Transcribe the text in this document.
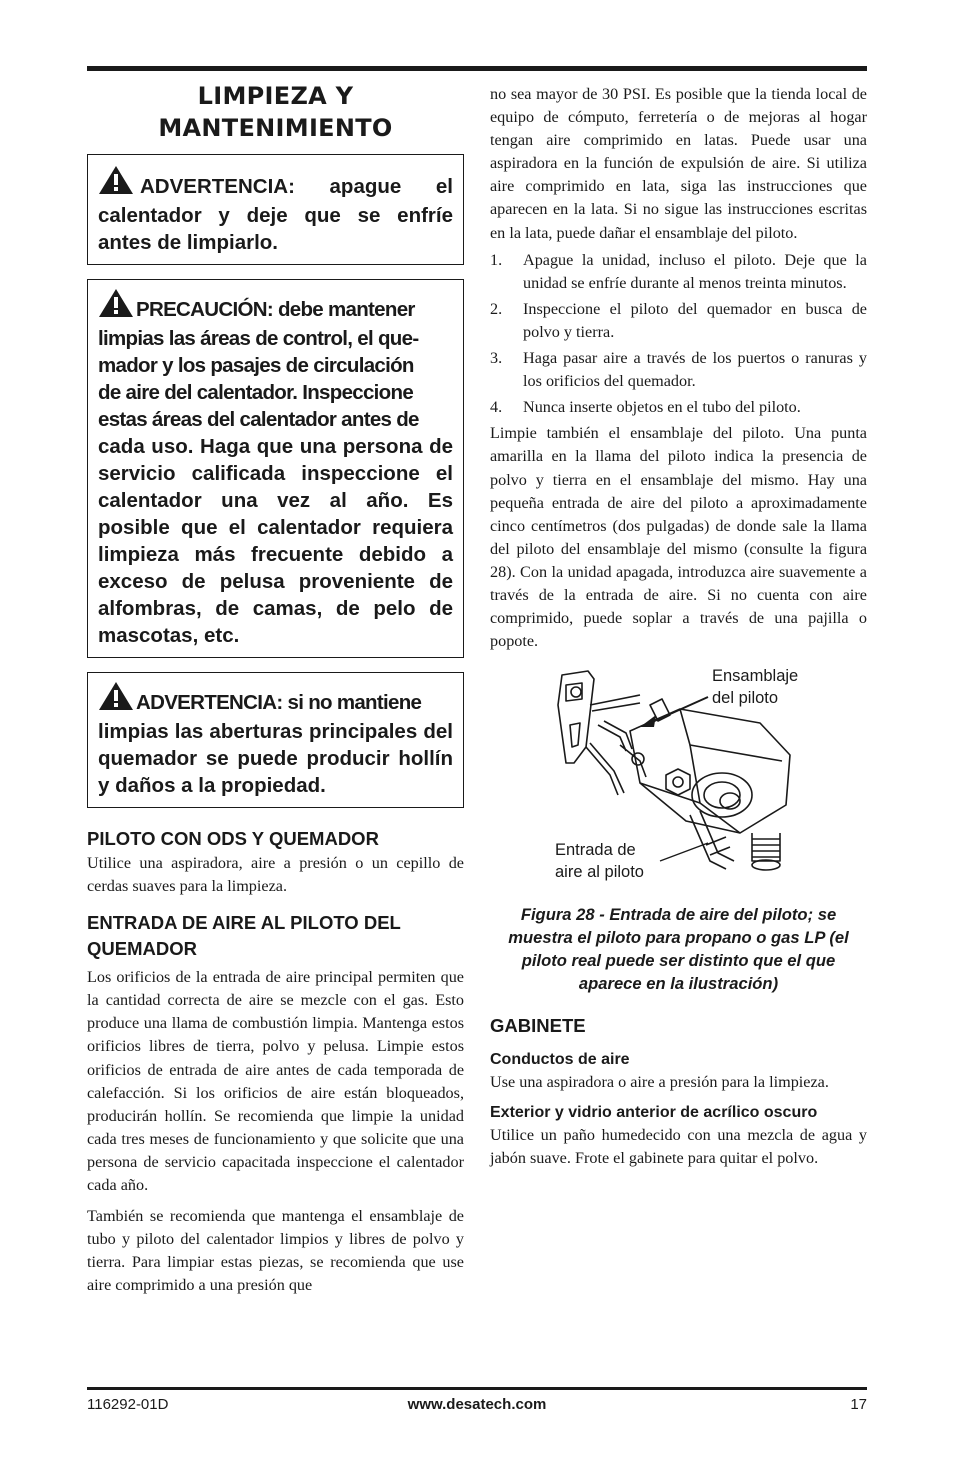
LIMPIEZA Y
MANTENIMIENTO
ADVERTENCIA: apague el calentador y deje que se enfríe antes de limpiarlo.
PRECAUCIÓN: debe mantener
limpias las áreas de control, el que-
mador y los pasajes de circulación
de aire del calentador. Inspeccione
estas áreas del calentador antes de
cada uso. Haga que una persona de servicio calificada inspeccione el calentador una vez al año. Es posible que el calentador requiera limpieza más frecuente debido a exceso de pelusa proveniente de alfombras, de camas, de pelo de mascotas, etc.
ADVERTENCIA: si no mantiene
limpias las aberturas principales del quemador se puede producir hollín y daños a la propiedad.
PILOTO CON ODS Y QUEMADOR

Utilice una aspiradora, aire a presión o un cepillo de cerdas suaves para la limpieza.

ENTRADA DE AIRE AL PILOTO DEL QUEMADOR

Los orificios de la entrada de aire principal permiten que la cantidad correcta de aire se mezcle con el gas. Esto produce una llama de combustión limpia. Mantenga estos orificios libres de tierra, polvo y pelusa. Limpie estos orificios de entrada de aire antes de cada temporada de calefacción. Si los orificios de aire están bloqueados, producirán hollín. Se recomienda que limpie la unidad cada tres meses de funcionamiento y que solicite que una persona de servicio capacitada inspeccione el calentador cada año.

También se recomienda que mantenga el ensamblaje de tubo y piloto del calentador limpios y libres de polvo y tierra. Para limpiar estas piezas, se recomienda que use aire comprimido a una presión que

no sea mayor de 30 PSI. Es posible que la tienda local de equipo de cómputo, ferretería o de mejoras al hogar tengan aire comprimido en latas. Puede usar una aspiradora en la función de expulsión de aire. Si utiliza aire comprimido en lata, siga las instrucciones que aparecen en la lata. Si no sigue las instrucciones escritas en la lata, puede dañar el ensamblaje del piloto.

1. Apague la unidad, incluso el piloto. Deje que la unidad se enfríe durante al menos treinta minutos.
2. Inspeccione el piloto del quemador en busca de polvo y tierra.
3. Haga pasar aire a través de los puertos o ranuras y los orificios del quemador.
4. Nunca inserte objetos en el tubo del piloto.

Limpie también el ensamblaje del piloto. Una punta amarilla en la llama del piloto indica la presencia de polvo y tierra en el ensamblaje del mismo. Hay una pequeña entrada de aire del piloto a aproximadamente cinco centímetros (dos pulgadas) de donde sale la llama del piloto del ensamblaje del mismo (consulte la figura 28). Con la unidad apagada, introduzca aire suavemente a través de la entrada de aire. Si no cuenta con aire comprimido, puede soplar a través de una pajilla o popote.

Ensamblaje
del piloto
Entrada de
aire al piloto

Figura 28 - Entrada de aire del piloto; se muestra el piloto para propano o gas LP (el piloto real puede ser distinto que el que aparece en la ilustración)

GABINETE
Conductos de aire

Use una aspiradora o aire a presión para la limpieza.

Exterior y vidrio anterior de acrílico oscuro

Utilice un paño humedecido con una mezcla de agua y jabón suave. Frote el gabinete para quitar el polvo.

116292-01D	www.desatech.com	17
